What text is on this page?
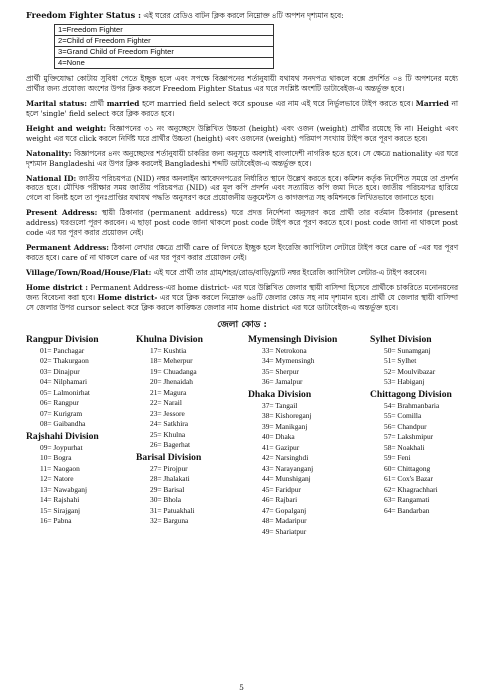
Freedom Fighter Status : এই ঘরের রেডিও বাটন ক্লিক করলে নিম্নোক্ত ৪টি অপশন দৃশ্যমান হবে:
1=Freedom Fighter
2=Child of Freedom Fighter
3=Grand Child of Freedom Fighter
4=None

প্রার্থী মুক্তিযোদ্ধা কোটায় সুবিধা পেতে ইচ্ছুক হলে এবং সপক্ষে বিজ্ঞাপনের শর্তানুযায়ী যথাযথ সনদপত্র থাকলে বক্সে প্রদর্শিত ০৪ টি অপশনের মধ্যে প্রার্থীর জন্য প্রযোজ্য অংশের উপর ক্লিক করলে Freedom Fighter Status এর ঘরে সংশ্লিষ্ট অংশটি ডাটাবেইজ-এ অন্তর্ভুক্ত হবে।

Marital status: প্রার্থী married হলে married field select করে spouse এর নাম এই ঘরে নির্ভুলভাবে টাইপ করতে হবে। Married না হলে 'single' field select করে ক্লিক করতে হবে।

Height and weight: বিজ্ঞাপনের ৩১ নং অনুচ্ছেদে উল্লিখিত উচ্চতা (height) এবং ওজন (weight) প্রার্থীর রয়েছে কি না। Height এবং weight এর ঘরে click করলে নির্দিষ্ট ঘরে প্রার্থীর উচ্চতা (height) এবং ওজনের (weight) পরিমাপ সংখ্যায় টাইপ করে পূরণ করতে হবে।

Natonality: বিজ্ঞাপনের ৪নং অনুচ্ছেদের শর্তানুযায়ী চাকরির জন্য অনুসূচে অবশ্যই বাংলাদেশী নাগরিক হতে হবে। সে ক্ষেত্রে nationality এর ঘরে দৃশ্যমান Bangladeshi এর উপর ক্লিক করলেই Bangladeshi শব্দটি ডাটাবেইজ-এ অন্তর্ভুক্ত হবে।

National ID: জাতীয় পরিচয়পত্র (NID) নম্বর অনলাইন আবেদনপত্রের নির্ধারিত স্থানে উল্লেখ করতে হবে। কমিশন কর্তৃক নির্দেশিত সময়ে তা প্রদর্শন করতে হবে। মৌখিক পরীক্ষার সময় জাতীয় পরিচয়পত্র (NID) এর মূল কপি প্রদর্শন এবং সত্যায়িত কপি জমা দিতে হবে। জাতীয় পরিচয়পত্র হারিয়ে গেলে বা বিনষ্ট হলে তা পুনঃপ্রাপ্তির যথাযথ পদ্ধতি অনুসরণ করে প্রয়োজনীয় ডকুমেন্টস ও কাগজপত্র সহ কমিশনকে লিখিতভাবে জানাতে হবে।

Present Address: স্থায়ী ঠিকানার (permanent address) ঘরে প্রদত্ত নির্দেশনা অনুসরণ করে প্রার্থী তার বর্তমান ঠিকানার (present address) ঘরগুলো পূরণ করবেন। এ ছাড়া post code জানা থাকলে post code টাইপ করে পূরণ করতে হবে। post code জানা না থাকলে post code এর ঘর পূরণ করার প্রয়োজন নেই।

Permanent Address: ঠিকানা লেখার ক্ষেত্রে প্রার্থী care of লিখতে ইচ্ছুক হলে ইংরেজি ক্যাপিটাল লেটারে টাইপ করে care of -এর ঘর পূরণ করতে হবে। care of না থাকলে care of এর ঘর পূরণ করার প্রয়োজন নেই।

Village/Town/Road/House/Flat: এই ঘরে প্রার্থী তার গ্রাম/শহর/রোড/বাড়ি/ফ্ল্যাট নম্বর ইংরেজি ক্যাপিটাল লেটার-এ টাইপ করবেন।

Home district : Permanent Address-এর home district- এর ঘরে উল্লিখিত জেলার স্থায়ী বাসিন্দা হিসেবে প্রার্থীকে চাকরিতে মনোনয়নের জন্য বিবেচনা করা হবে। Home district- এর ঘরে ক্লিক করলে নিম্নোক্ত ৬৪টি জেলার কোড সহ নাম দৃশ্যমান হবে। প্রার্থী যে জেলার স্থায়ী বাসিন্দা সে জেলার উপর cursor select করে ক্লিক করলে কাঙ্ক্ষিত জেলার নাম home district এর ঘরে ডাটাবেইজ-এ অন্তর্ভুক্ত হবে।

জেলা কোড :
Rangpur Division
01= Panchagar
02= Thakurgaon
03= Dinajpur
04= Nilphamari
05= Lalmonirhat
06= Rangpur
07= Kurigram
08= Gaibandha
Rajshahi Division
09= Joypurhat
10= Bogra
11= Naogaon
12= Natore
13= Nawabganj
14= Rajshahi
15= Sirajganj
16= Pabna
Khulna Division
17= Kushtia
18= Meherpur
19= Chuadanga
20= Jhenaidah
21= Magura
22= Narail
23= Jessore
24= Satkhira
25= Khulna
26= Bagerhat
Barisal Division
27= Pirojpur
28= Jhalakati
29= Barisal
30= Bhola
31= Patuakhali
32= Barguna
Mymensingh Division
33= Netrokona
34= Mymensingh
35= Sherpur
36= Jamalpur
Dhaka Division
37= Tangail
38= Kishoreganj
39= Manikganj
40= Dhaka
41= Gazipur
42= Narsinghdi
43= Narayanganj
44= Munshiganj
45= Faridpur
46= Rajbari
47= Gopalganj
48= Madaripur
49= Shariatpur
Sylhet Division
50= Sunamganj
51= Sylhet
52= Moulvibazar
53= Habiganj
Chittagong Division
54= Brahmanbaria
55= Comilla
56= Chandpur
57= Lakshmipur
58= Noakhali
59= Feni
60= Chittagong
61= Cox's Bazar
62= Khagrachhari
63= Rangamati
64= Bandarban
5
